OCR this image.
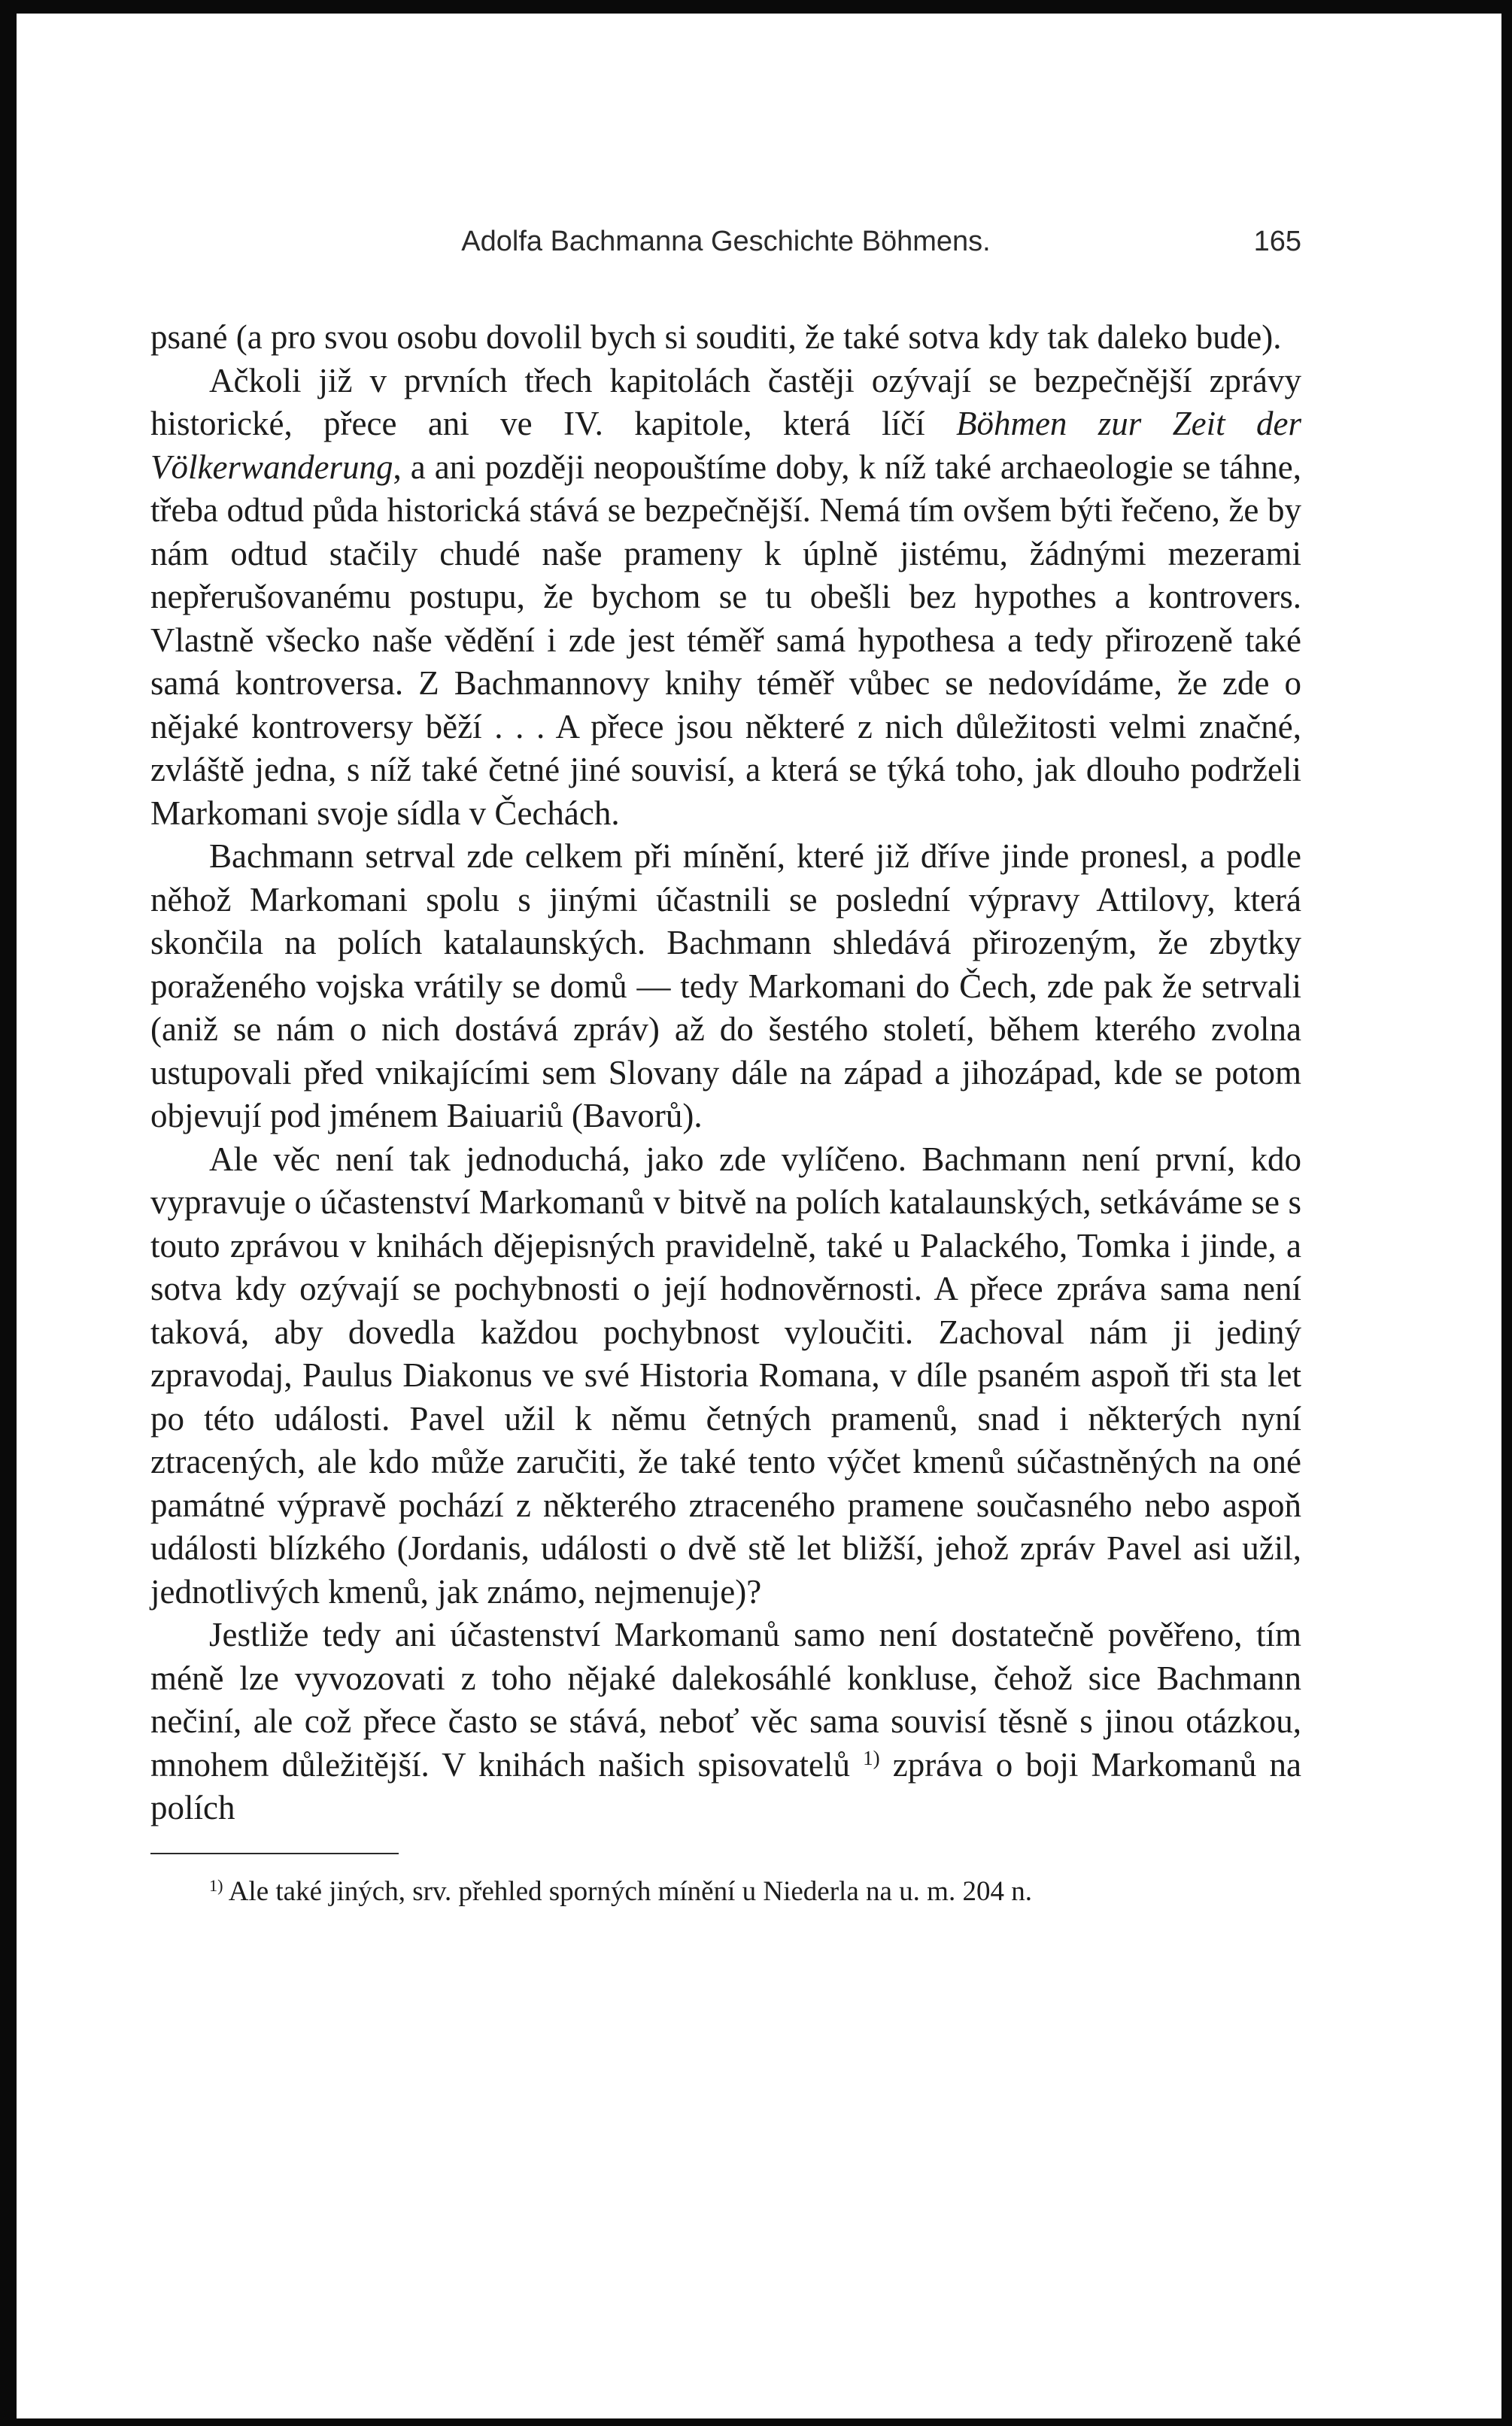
Adolfa Bachmanna Geschichte Böhmens.	165

psané (a pro svou osobu dovolil bych si souditi, že také sotva kdy tak daleko bude).

Ačkoli již v prvních třech kapitolách častěji ozývají se bezpečnější zprávy historické, přece ani ve IV. kapitole, která líčí Böhmen zur Zeit der Völkerwanderung, a ani později neopouštíme doby, k níž také archaeologie se táhne, třeba odtud půda historická stává se bezpečnější. Nemá tím ovšem býti řečeno, že by nám odtud stačily chudé naše prameny k úplně jistému, žádnými mezerami nepřerušovanému postupu, že bychom se tu obešli bez hypothes a kontrovers. Vlastně všecko naše vědění i zde jest téměř samá hypothesa a tedy přirozeně také samá kontroversa. Z Bachmannovy knihy téměř vůbec se nedovídáme, že zde o nějaké kontroversy běží . . . A přece jsou některé z nich důležitosti velmi značné, zvláště jedna, s níž také četné jiné souvisí, a která se týká toho, jak dlouho podrželi Markomani svoje sídla v Čechách.

Bachmann setrval zde celkem při mínění, které již dříve jinde pronesl, a podle něhož Markomani spolu s jinými účastnili se poslední výpravy Attilovy, která skončila na polích katalaunských. Bachmann shledává přirozeným, že zbytky poraženého vojska vrátily se domů — tedy Markomani do Čech, zde pak že setrvali (aniž se nám o nich dostává zpráv) až do šestého století, během kterého zvolna ustupovali před vnikajícími sem Slovany dále na západ a jihozápad, kde se potom objevují pod jménem Baiuariů (Bavorů).

Ale věc není tak jednoduchá, jako zde vylíčeno. Bachmann není první, kdo vypravuje o účastenství Markomanů v bitvě na polích katalaunských, setkáváme se s touto zprávou v knihách dějepisných pravidelně, také u Palackého, Tomka i jinde, a sotva kdy ozývají se pochybnosti o její hodnověrnosti. A přece zpráva sama není taková, aby dovedla každou pochybnost vyloučiti. Zachoval nám ji jediný zpravodaj, Paulus Diakonus ve své Historia Romana, v díle psaném aspoň tři sta let po této události. Pavel užil k němu četných pramenů, snad i některých nyní ztracených, ale kdo může zaručiti, že také tento výčet kmenů súčastněných na oné památné výpravě pochází z některého ztraceného pramene současného nebo aspoň události blízkého (Jordanis, události o dvě stě let bližší, jehož zpráv Pavel asi užil, jednotlivých kmenů, jak známo, nejmenuje)?

Jestliže tedy ani účastenství Markomanů samo není dostatečně pověřeno, tím méně lze vyvozovati z toho nějaké dalekosáhlé konkluse, čehož sice Bachmann nečiní, ale což přece často se stává, neboť věc sama souvisí těsně s jinou otázkou, mnohem důležitější. V knihách našich spisovatelů $^{1)}$ zpráva o boji Markomanů na polích

$^{1)}$ Ale také jiných, srv. přehled sporných mínění u Niederla na u. m. 204 n.
